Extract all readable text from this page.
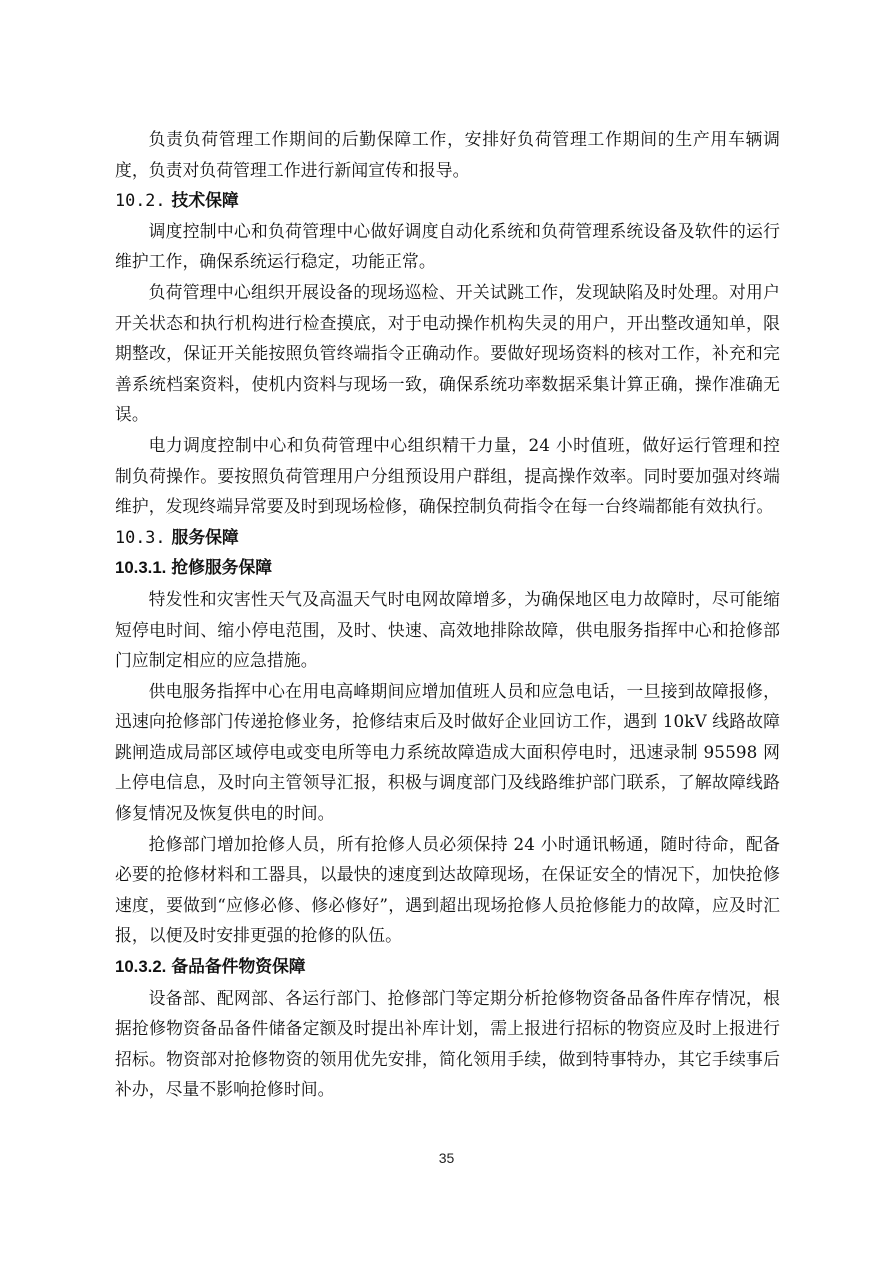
负责负荷管理工作期间的后勤保障工作，安排好负荷管理工作期间的生产用车辆调度，负责对负荷管理工作进行新闻宣传和报导。

10.2. 技术保障

调度控制中心和负荷管理中心做好调度自动化系统和负荷管理系统设备及软件的运行维护工作，确保系统运行稳定，功能正常。

负荷管理中心组织开展设备的现场巡检、开关试跳工作，发现缺陷及时处理。对用户开关状态和执行机构进行检查摸底，对于电动操作机构失灵的用户，开出整改通知单，限期整改，保证开关能按照负管终端指令正确动作。要做好现场资料的核对工作，补充和完善系统档案资料，使机内资料与现场一致，确保系统功率数据采集计算正确，操作准确无误。

电力调度控制中心和负荷管理中心组织精干力量，24 小时值班，做好运行管理和控制负荷操作。要按照负荷管理用户分组预设用户群组，提高操作效率。同时要加强对终端维护，发现终端异常要及时到现场检修，确保控制负荷指令在每一台终端都能有效执行。

10.3. 服务保障
10.3.1. 抢修服务保障

特发性和灾害性天气及高温天气时电网故障增多，为确保地区电力故障时，尽可能缩短停电时间、缩小停电范围，及时、快速、高效地排除故障，供电服务指挥中心和抢修部门应制定相应的应急措施。

供电服务指挥中心在用电高峰期间应增加值班人员和应急电话，一旦接到故障报修，迅速向抢修部门传递抢修业务，抢修结束后及时做好企业回访工作，遇到 10kV 线路故障跳闸造成局部区域停电或变电所等电力系统故障造成大面积停电时，迅速录制 95598 网上停电信息，及时向主管领导汇报，积极与调度部门及线路维护部门联系，了解故障线路修复情况及恢复供电的时间。

抢修部门增加抢修人员，所有抢修人员必须保持 24 小时通讯畅通，随时待命，配备必要的抢修材料和工器具，以最快的速度到达故障现场，在保证安全的情况下，加快抢修速度，要做到“应修必修、修必修好”，遇到超出现场抢修人员抢修能力的故障，应及时汇报，以便及时安排更强的抢修的队伍。

10.3.2. 备品备件物资保障

设备部、配网部、各运行部门、抢修部门等定期分析抢修物资备品备件库存情况，根据抢修物资备品备件储备定额及时提出补库计划，需上报进行招标的物资应及时上报进行招标。物资部对抢修物资的领用优先安排，简化领用手续，做到特事特办，其它手续事后补办，尽量不影响抢修时间。

35
